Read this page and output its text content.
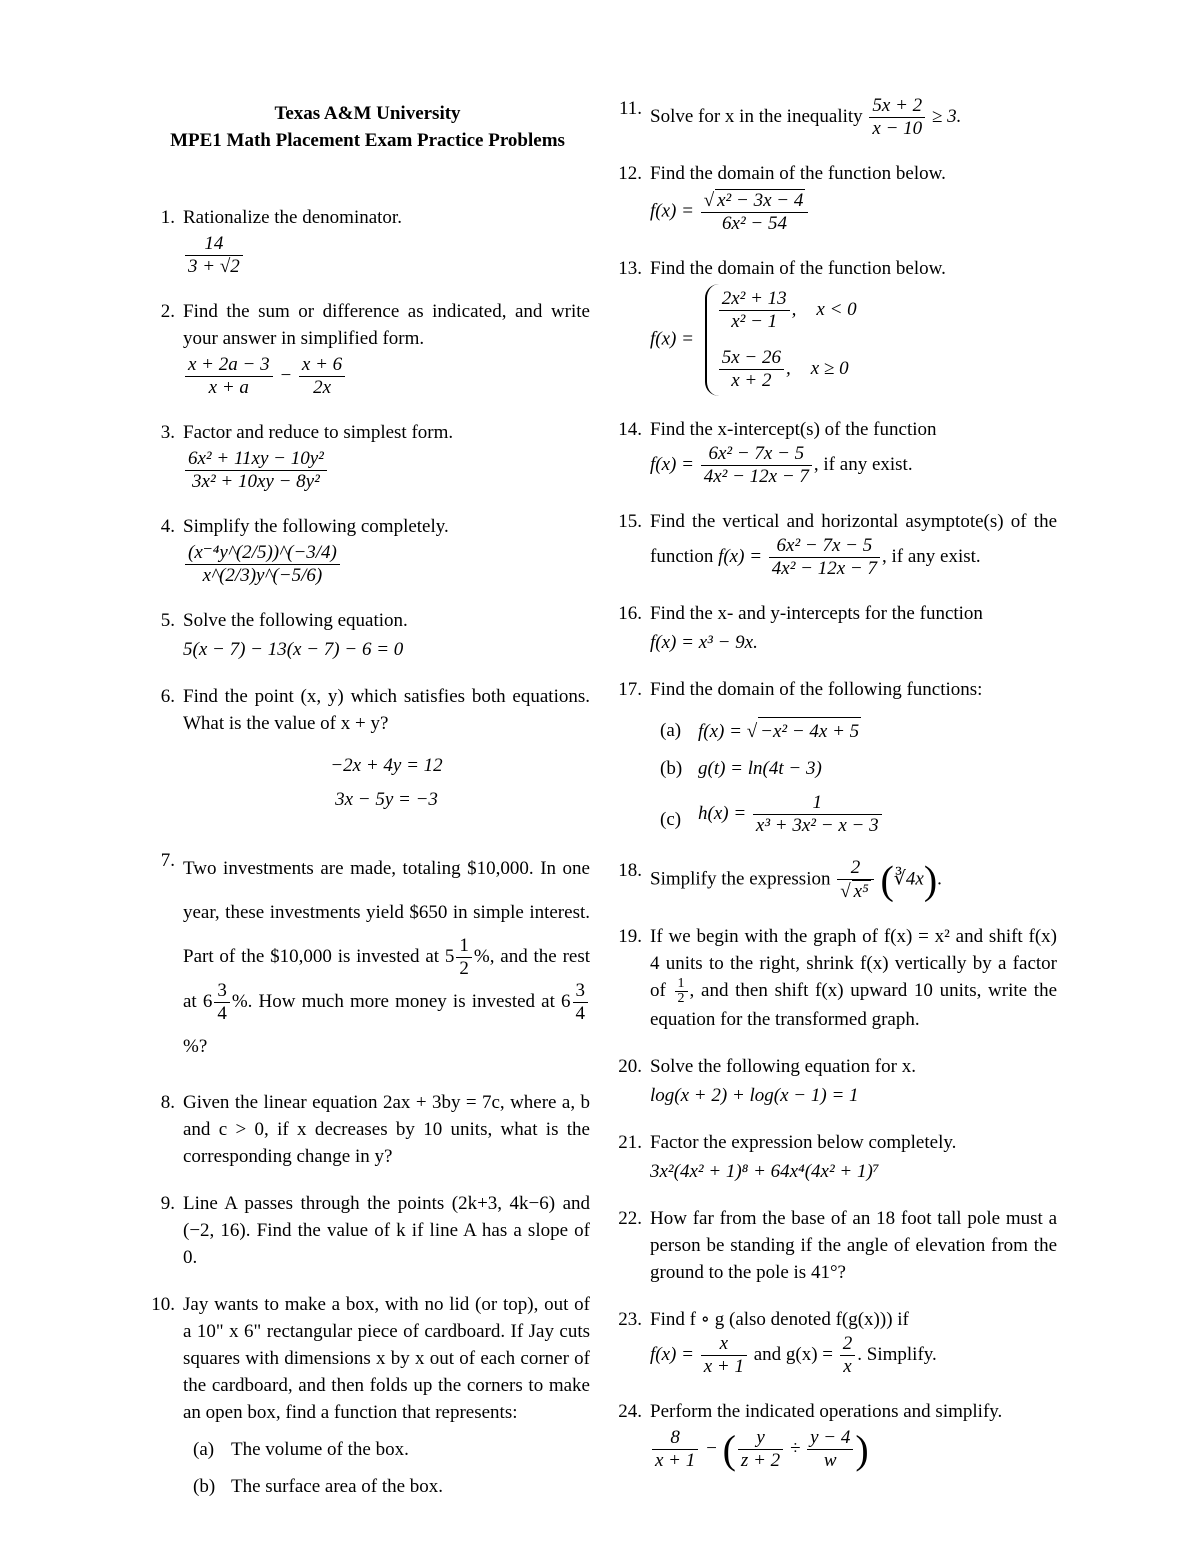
Texas A&M University
MPE1 Math Placement Exam Practice Problems
1. Rationalize the denominator.
$\frac{14}{3 + √2}$
2. Find the sum or difference as indicated, and write your answer in simplified form.
$\frac{x + 2a - 3}{x + a} - \frac{x + 6}{2x}$
3. Factor and reduce to simplest form.
$\frac{\text{6x² + 11xy − 10y²}}{\text{3x² + 10xy − 8y²}}$
4. Simplify the following completely.
$\frac{\text{(x⁻⁴y\textasciicircum{}(2/5))\textasciicircum{}(−3/4)}}{x\^{}(2/3)y\^{}(-5/6)}$
5. Solve the following equation.
5(x − 7) − 13(x − 7) − 6 = 0
6. Find the point (x, y) which satisfies both equations. What is the value of x + y?
−2x + 4y = 12
3x − 5y = −3
7. Two investments are made, totaling $10,000. In one year, these investments yield $650 in simple interest. Part of the $10,000 is invested at $5 \frac{1}{2}$ %, and the rest at $6 \frac{3}{4}$ %. How much more money is invested at $6 \frac{3}{4}$
%?
8. Given the linear equation 2ax + 3by = 7c, where a, b and c > 0, if x decreases by 10 units, what is the corresponding change in y?
9. Line A passes through the points (2k+3, 4k−6) and (−2, 16). Find the value of k if line A has a slope of 0.
10. Jay wants to make a box, with no lid (or top), out of a 10" x 6" rectangular piece of cardboard. If Jay cuts squares with dimensions x by x out of each corner of the cardboard, and then folds up the corners to make an open box, find a function that represents:
(a) The volume of the box.
(b) The surface area of the box.
11. Solve for x in the inequality $\frac{5x + 2}{x - 10} \ge 3$.
12. Find the domain of the function below.
$f(x) = \frac{\text{√ x² − 3x − 4}}{\text{6x² − 54}}$
13. Find the domain of the function below.
f(x) =
$\frac{\text{2x² + 13}}{\text{x² − 1}}$ , x < 0
$\frac{5x - 26}{x + 2}$ , x ≥ 0
14. Find the x-intercept(s) of the function
$f(x) = \frac{\text{6x² − 7x − 5}}{\text{4x² − 12x − 7}}$ , if any exist.
15. Find the vertical and horizontal asymptote(s) of the function $f(x) = \frac{\text{6x² − 7x − 5}}{\text{4x² − 12x − 7}}$ , if any exist.
16. Find the x- and y-intercepts for the function
f(x) = x³ − 9x.
17. Find the domain of the following functions:
(a) f(x) = √ −x² − 4x + 5
(b) g(t) = ln(4t − 3)
(c) $h(x) = \frac{1}{\text{x³ + 3x² − x − 3}}$
18. Simplify the expression $\frac{2}{\text{√ x⁵}}$ (∛4x).
19. If we begin with the graph of f(x) = x² and shift f(x) 4 units to the right, shrink f(x) vertically by a factor of $\frac{1}{2}$ , and then shift f(x) upward 10 units, write the equation for the transformed graph.
20. Solve the following equation for x.
log(x + 2) + log(x − 1) = 1
21. Factor the expression below completely.
3x²(4x² + 1)⁸ + 64x⁴(4x² + 1)⁷
22. How far from the base of an 18 foot tall pole must a person be standing if the angle of elevation from the ground to the pole is 41°?
23. Find f ∘ g (also denoted f(g(x))) if
$f(x) = \frac{x}{x + 1}$ and $g(x) = \frac{2}{x}$ . Simplify.
24. Perform the indicated operations and simplify.
$\frac{8}{x + 1}$ − ( $\frac{y}{z + 2} \div \frac{y - 4}{w}$ )
